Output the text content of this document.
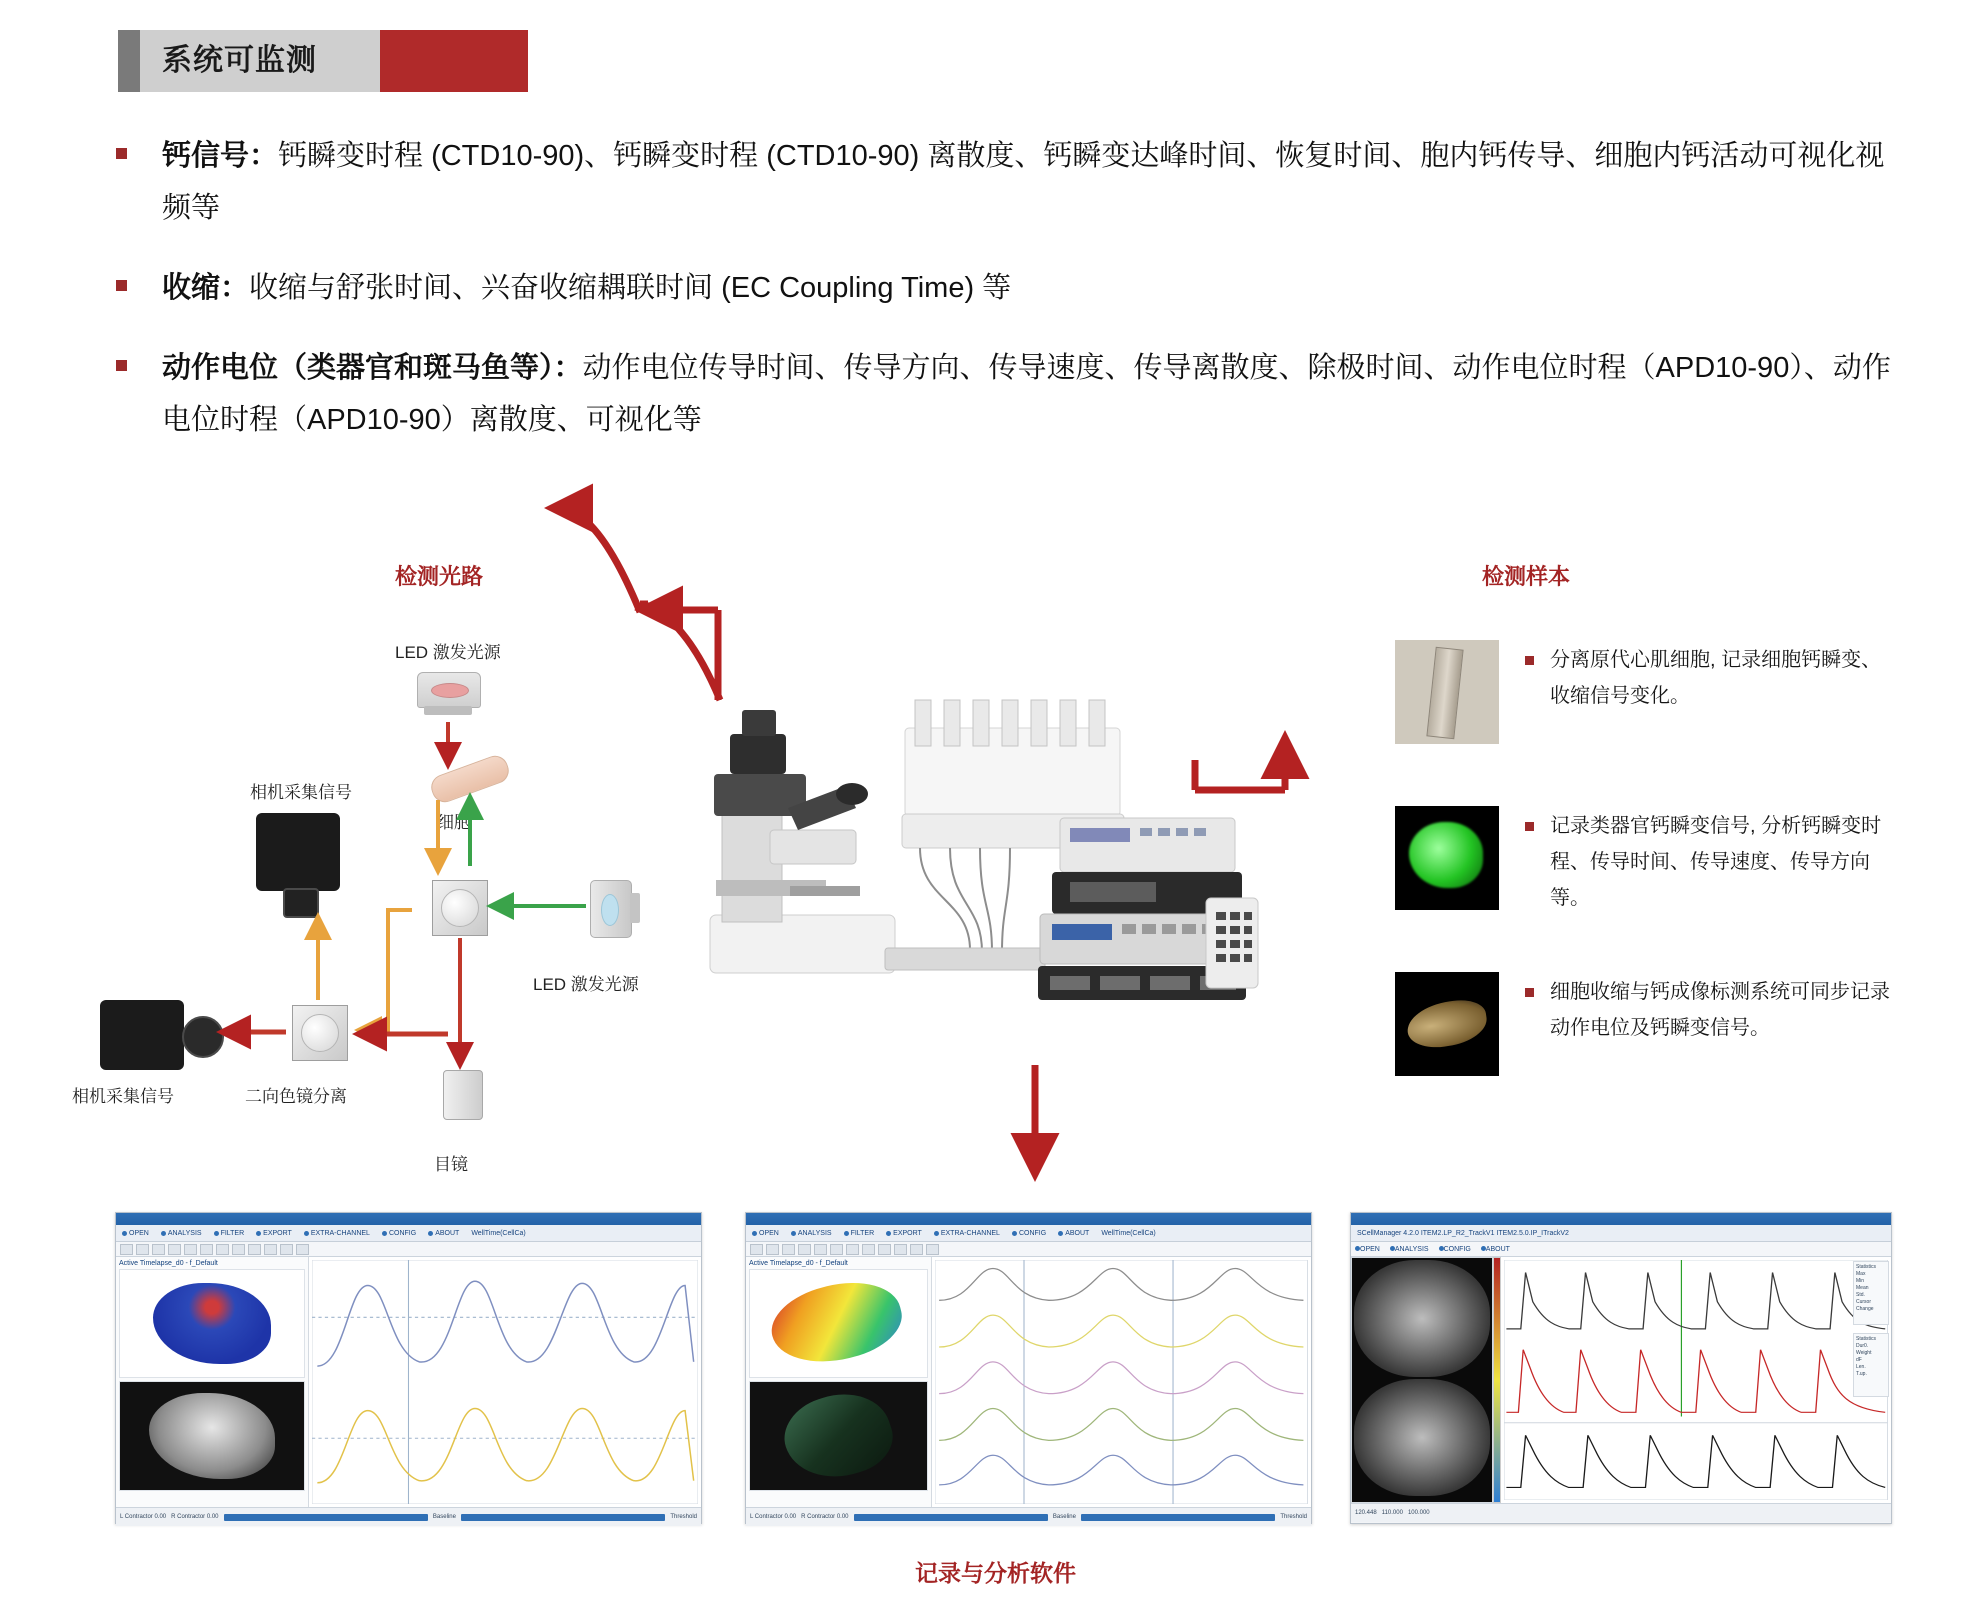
系统可监测
钙信号：钙瞬变时程 (CTD10-90)、钙瞬变时程 (CTD10-90) 离散度、钙瞬变达峰时间、恢复时间、胞内钙传导、细胞内钙活动可视化视频等
收缩：收缩与舒张时间、兴奋收缩耦联时间 (EC Coupling Time) 等
动作电位（类器官和斑马鱼等）：动作电位传导时间、传导方向、传导速度、传导离散度、除极时间、动作电位时程（APD10-90）、动作电位时程（APD10-90）离散度、可视化等
检测光路	检测样本
记录与分析软件
LED 激发光源
细胞
二向色镜分离
LED 激发光源
相机采集信号
相机采集信号
目镜
分离原代心肌细胞, 记录细胞钙瞬变、收缩信号变化。
记录类器官钙瞬变信号, 分析钙瞬变时程、传导时间、传导速度、传导方向等。
细胞收缩与钙成像标测系统可同步记录动作电位及钙瞬变信号。
OPEN	ANALYSIS	FILTER	EXPORT	EXTRA-CHANNEL	CONFIG	ABOUT WellTime(CellCa)
Active Timelapse_d0 - f_Default
L Contractor 0.00 R Contractor 0.00	Baseline	Threshold
OPEN	ANALYSIS	FILTER	EXPORT	EXTRA-CHANNEL	CONFIG	ABOUT WellTime(CellCa)
Active Timelapse_d0 - f_Default
L Contractor 0.00 R Contractor 0.00	Baseline	Threshold
SCellManager 4.2.0 ITEM2.LP_R2_TrackV1 ITEM2.5.0.IP_ITrackV2
OPEN	ANALYSIS	CONFIG	ABOUT
Statistics
Max
Min
Mean
Std.
Cursor
Change
Statistics
Dur0.
Weight
dF
Len.
T.up.
120.448 110.000 100.000
